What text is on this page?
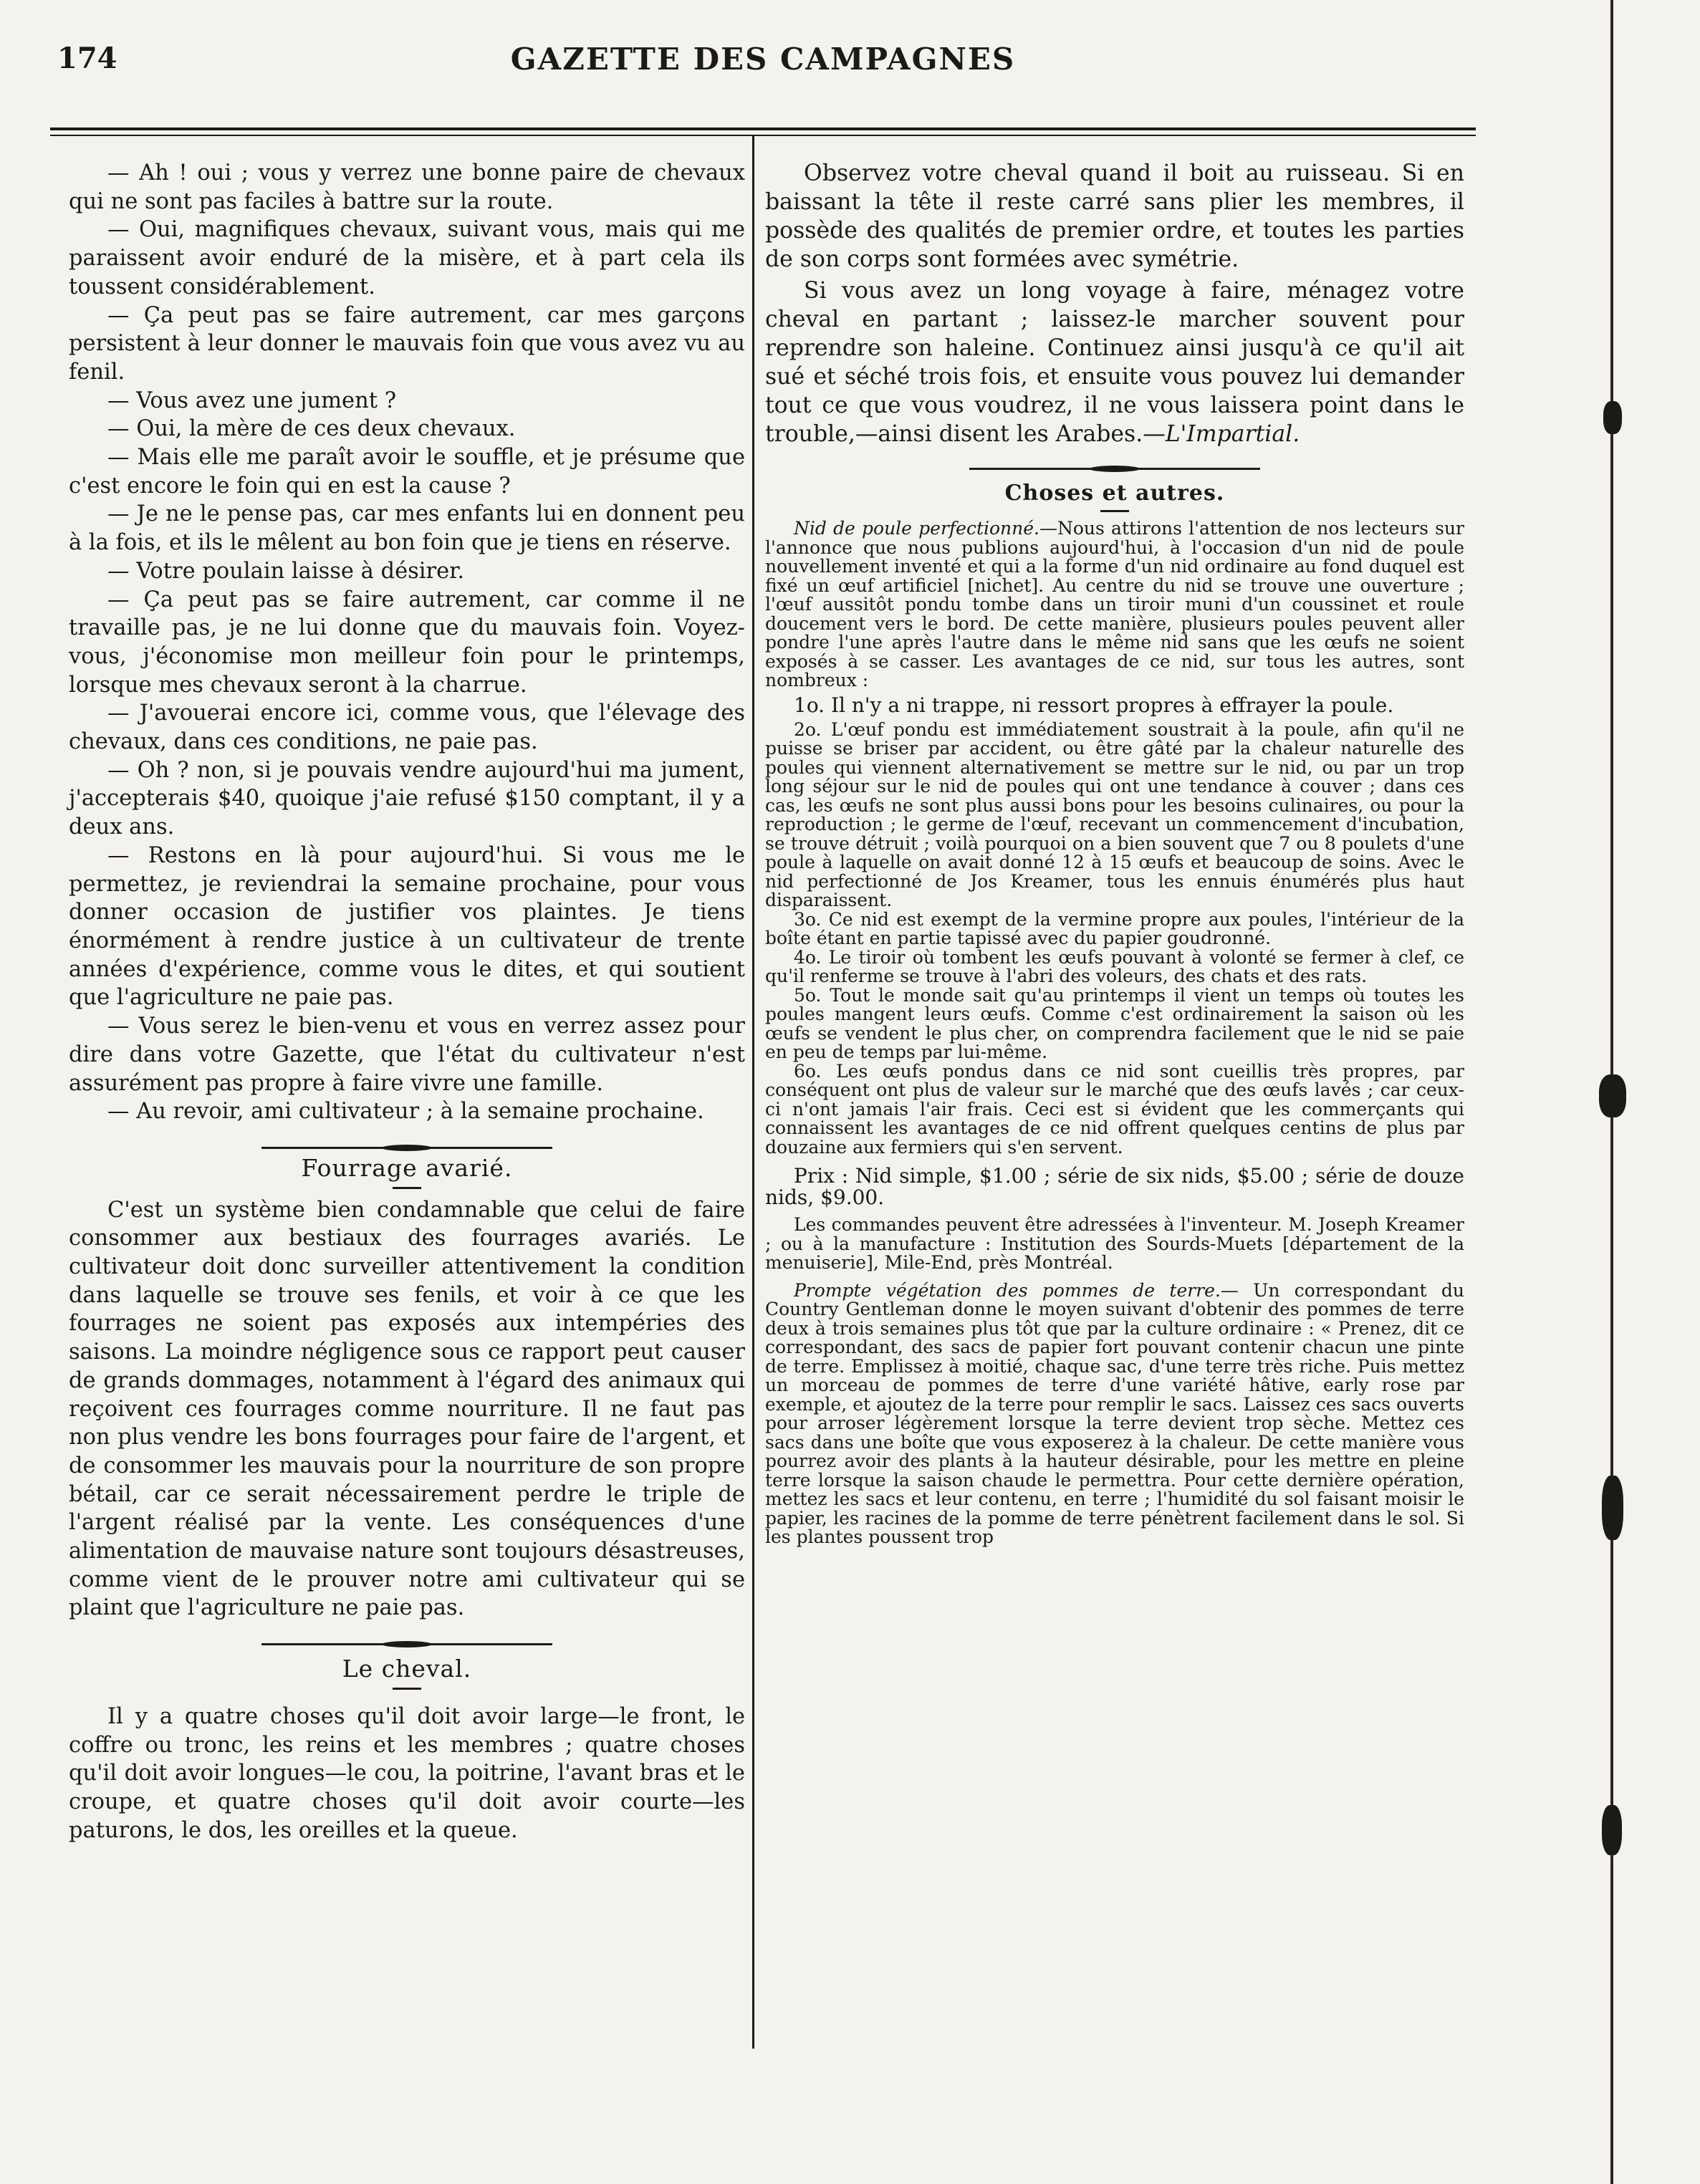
174	GAZETTE DES CAMPAGNES

— Ah ! oui ; vous y verrez une bonne paire de chevaux qui ne sont pas faciles à battre sur la route.

— Oui, magnifiques chevaux, suivant vous, mais qui me paraissent avoir enduré de la misère, et à part cela ils toussent considérablement.

— Ça peut pas se faire autrement, car mes garçons persistent à leur donner le mauvais foin que vous avez vu au fenil.

— Vous avez une jument ?

— Oui, la mère de ces deux chevaux.

— Mais elle me paraît avoir le souffle, et je présume que c'est encore le foin qui en est la cause ?

— Je ne le pense pas, car mes enfants lui en donnent peu à la fois, et ils le mêlent au bon foin que je tiens en réserve.

— Votre poulain laisse à désirer.

— Ça peut pas se faire autrement, car comme il ne travaille pas, je ne lui donne que du mauvais foin. Voyez-vous, j'économise mon meilleur foin pour le printemps, lorsque mes chevaux seront à la charrue.

— J'avouerai encore ici, comme vous, que l'élevage des chevaux, dans ces conditions, ne paie pas.

— Oh ? non, si je pouvais vendre aujourd'hui ma jument, j'accepterais $40, quoique j'aie refusé $150 comptant, il y a deux ans.

— Restons en là pour aujourd'hui. Si vous me le permettez, je reviendrai la semaine prochaine, pour vous donner occasion de justifier vos plaintes. Je tiens énormément à rendre justice à un cultivateur de trente années d'expérience, comme vous le dites, et qui soutient que l'agriculture ne paie pas.

— Vous serez le bien-venu et vous en verrez assez pour dire dans votre Gazette, que l'état du cultivateur n'est assurément pas propre à faire vivre une famille.

— Au revoir, ami cultivateur ; à la semaine prochaine.

Fourrage avarié.

C'est un système bien condamnable que celui de faire consommer aux bestiaux des fourrages avariés. Le cultivateur doit donc surveiller attentivement la condition dans laquelle se trouve ses fenils, et voir à ce que les fourrages ne soient pas exposés aux intempéries des saisons. La moindre négligence sous ce rapport peut causer de grands dommages, notamment à l'égard des animaux qui reçoivent ces fourrages comme nourriture. Il ne faut pas non plus vendre les bons fourrages pour faire de l'argent, et de consommer les mauvais pour la nourriture de son propre bétail, car ce serait nécessairement perdre le triple de l'argent réalisé par la vente. Les conséquences d'une alimentation de mauvaise nature sont toujours désastreuses, comme vient de le prouver notre ami cultivateur qui se plaint que l'agriculture ne paie pas.

Le cheval.

Il y a quatre choses qu'il doit avoir large—le front, le coffre ou tronc, les reins et les membres ; quatre choses qu'il doit avoir longues—le cou, la poitrine, l'avant bras et le croupe, et quatre choses qu'il doit avoir courte—les paturons, le dos, les oreilles et la queue.

Observez votre cheval quand il boit au ruisseau. Si en baissant la tête il reste carré sans plier les membres, il possède des qualités de premier ordre, et toutes les parties de son corps sont formées avec symétrie.

Si vous avez un long voyage à faire, ménagez votre cheval en partant ; laissez-le marcher souvent pour reprendre son haleine. Continuez ainsi jusqu'à ce qu'il ait sué et séché trois fois, et ensuite vous pouvez lui demander tout ce que vous voudrez, il ne vous laissera point dans le trouble,—ainsi disent les Arabes.—L'Impartial.

Choses et autres.

Nid de poule perfectionné.—Nous attirons l'attention de nos lecteurs sur l'annonce que nous publions aujourd'hui, à l'occasion d'un nid de poule nouvellement inventé et qui a la forme d'un nid ordinaire au fond duquel est fixé un œuf artificiel [nichet]. Au centre du nid se trouve une ouverture ; l'œuf aussitôt pondu tombe dans un tiroir muni d'un coussinet et roule doucement vers le bord. De cette manière, plusieurs poules peuvent aller pondre l'une après l'autre dans le même nid sans que les œufs ne soient exposés à se casser. Les avantages de ce nid, sur tous les autres, sont nombreux :

1o. Il n'y a ni trappe, ni ressort propres à effrayer la poule.

2o. L'œuf pondu est immédiatement soustrait à la poule, afin qu'il ne puisse se briser par accident, ou être gâté par la chaleur naturelle des poules qui viennent alternativement se mettre sur le nid, ou par un trop long séjour sur le nid de poules qui ont une tendance à couver ; dans ces cas, les œufs ne sont plus aussi bons pour les besoins culinaires, ou pour la reproduction ; le germe de l'œuf, recevant un commencement d'incubation, se trouve détruit ; voilà pourquoi on a bien souvent que 7 ou 8 poulets d'une poule à laquelle on avait donné 12 à 15 œufs et beaucoup de soins. Avec le nid perfectionné de Jos Kreamer, tous les ennuis énumérés plus haut disparaissent.

3o. Ce nid est exempt de la vermine propre aux poules, l'intérieur de la boîte étant en partie tapissé avec du papier goudronné.

4o. Le tiroir où tombent les œufs pouvant à volonté se fermer à clef, ce qu'il renferme se trouve à l'abri des voleurs, des chats et des rats.

5o. Tout le monde sait qu'au printemps il vient un temps où toutes les poules mangent leurs œufs. Comme c'est ordinairement la saison où les œufs se vendent le plus cher, on comprendra facilement que le nid se paie en peu de temps par lui-même.

6o. Les œufs pondus dans ce nid sont cueillis très propres, par conséquent ont plus de valeur sur le marché que des œufs lavés ; car ceux-ci n'ont jamais l'air frais. Ceci est si évident que les commerçants qui connaissent les avantages de ce nid offrent quelques centins de plus par douzaine aux fermiers qui s'en servent.

Prix : Nid simple, $1.00 ; série de six nids, $5.00 ; série de douze nids, $9.00.

Les commandes peuvent être adressées à l'inventeur. M. Joseph Kreamer ; ou à la manufacture : Institution des Sourds-Muets [département de la menuiserie], Mile-End, près Montréal.

Prompte végétation des pommes de terre.— Un correspondant du Country Gentleman donne le moyen suivant d'obtenir des pommes de terre deux à trois semaines plus tôt que par la culture ordinaire : « Prenez, dit ce correspondant, des sacs de papier fort pouvant contenir chacun une pinte de terre. Emplissez à moitié, chaque sac, d'une terre très riche. Puis mettez un morceau de pommes de terre d'une variété hâtive, early rose par exemple, et ajoutez de la terre pour remplir le sacs. Laissez ces sacs ouverts pour arroser légèrement lorsque la terre devient trop sèche. Mettez ces sacs dans une boîte que vous exposerez à la chaleur. De cette manière vous pourrez avoir des plants à la hauteur désirable, pour les mettre en pleine terre lorsque la saison chaude le permettra. Pour cette dernière opération, mettez les sacs et leur contenu, en terre ; l'humidité du sol faisant moisir le papier, les racines de la pomme de terre pénètrent facilement dans le sol. Si les plantes poussent trop
